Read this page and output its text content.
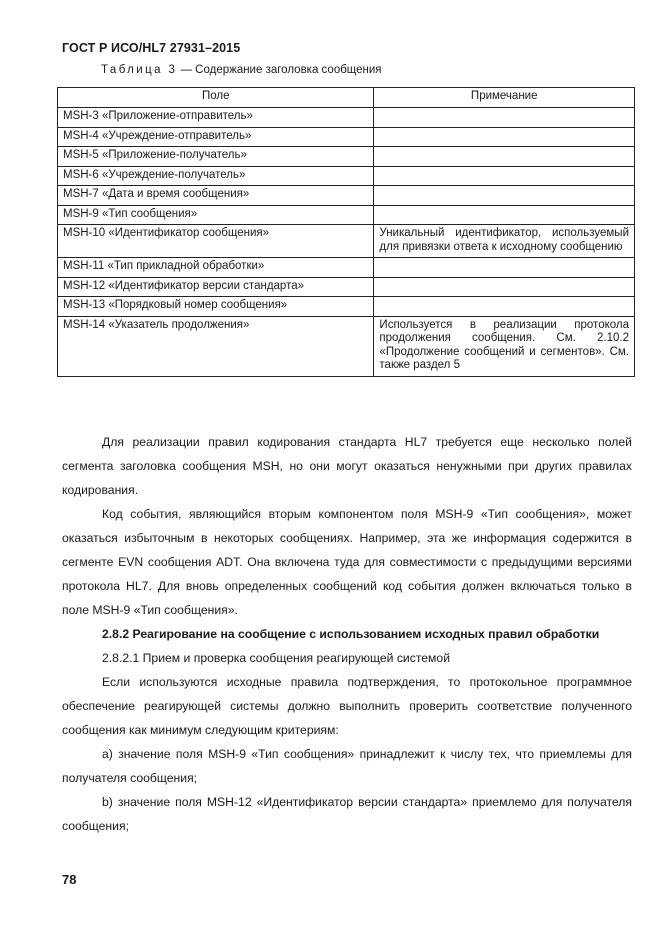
ГОСТ Р ИСО/HL7 27931–2015
Таблица 3 — Содержание заголовка сообщения
Поле	Примечание
MSH-3 «Приложение-отправитель»	
MSH-4 «Учреждение-отправитель»	
MSH-5 «Приложение-получатель»	
MSH-6 «Учреждение-получатель»	
MSH-7 «Дата и время сообщения»	
MSH-9 «Тип сообщения»	
MSH-10 «Идентификатор сообщения»	Уникальный идентификатор, используемый для привязки ответа к исходному сообщению
MSH-11 «Тип прикладной обработки»	
MSH-12 «Идентификатор версии стандарта»	
MSH-13 «Порядковый номер сообщения»	
MSH-14 «Указатель продолжения»	Используется в реализации протокола продолжения сообщения. См. 2.10.2 «Продолжение сообщений и сегментов». См. также раздел 5

Для реализации правил кодирования стандарта HL7 требуется еще несколько полей сегмента заголовка сообщения MSH, но они могут оказаться ненужными при других правилах кодирования.

Код события, являющийся вторым компонентом поля MSH-9 «Тип сообщения», может оказаться избыточным в некоторых сообщениях. Например, эта же информация содержится в сегменте EVN сообщения ADT. Она включена туда для совместимости с предыдущими версиями протокола HL7. Для вновь определенных сообщений код события должен включаться только в поле MSH-9 «Тип сообщения».

2.8.2 Реагирование на сообщение с использованием исходных правил обработки

2.8.2.1 Прием и проверка сообщения реагирующей системой

Если используются исходные правила подтверждения, то протокольное программное обеспечение реагирующей системы должно выполнить проверить соответствие полученного сообщения как минимум следующим критериям:

a) значение поля MSH-9 «Тип сообщения» принадлежит к числу тех, что приемлемы для получателя сообщения;

b) значение поля MSH-12 «Идентификатор версии стандарта» приемлемо для получателя сообщения;

78
